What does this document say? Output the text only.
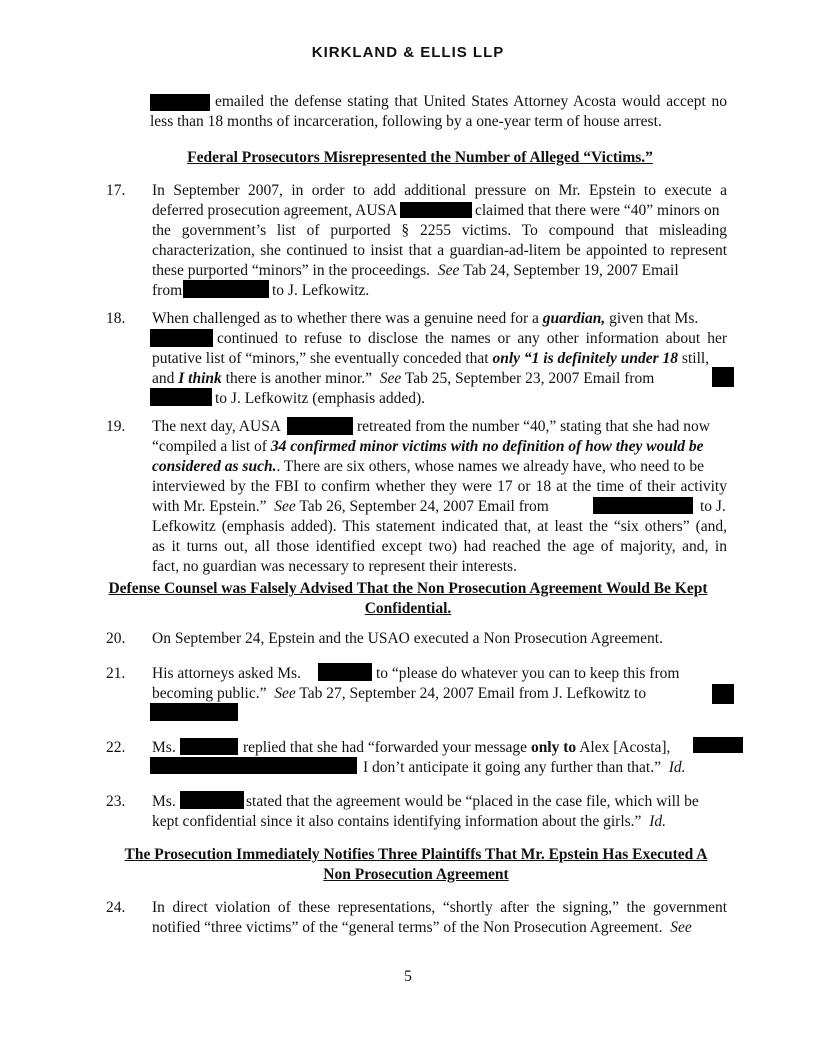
KIRKLAND & ELLIS LLP
emailed the defense stating that United States Attorney Acosta would accept no
less than 18 months of incarceration, following by a one-year term of house arrest.
Federal Prosecutors Misrepresented the Number of Alleged “Victims.”
17. In September 2007, in order to add additional pressure on Mr. Epstein to execute a
deferred prosecution agreement, AUSA	claimed that there were “40” minors on
the government’s list of purported § 2255 victims. To compound that misleading
characterization, she continued to insist that a guardian-ad-litem be appointed to represent
these purported “minors” in the proceedings. See Tab 24, September 19, 2007 Email
from	to J. Lefkowitz.
18. When challenged as to whether there was a genuine need for a guardian, given that Ms.
continued to refuse to disclose the names or any other information about her
putative list of “minors,” she eventually conceded that only “1 is definitely under 18 still,
and I think there is another minor.” See Tab 25, September 23, 2007 Email from
to J. Lefkowitz (emphasis added).
19. The next day, AUSA	retreated from the number “40,” stating that she had now
“compiled a list of 34 confirmed minor victims with no definition of how they would be
considered as such.. There are six others, whose names we already have, who need to be
interviewed by the FBI to confirm whether they were 17 or 18 at the time of their activity
with Mr. Epstein.” See Tab 26, September 24, 2007 Email from	to J.
Lefkowitz (emphasis added). This statement indicated that, at least the “six others” (and,
as it turns out, all those identified except two) had reached the age of majority, and, in
fact, no guardian was necessary to represent their interests.
Defense Counsel was Falsely Advised That the Non Prosecution Agreement Would Be Kept
Confidential.
20. On September 24, Epstein and the USAO executed a Non Prosecution Agreement.
21. His attorneys asked Ms.	to “please do whatever you can to keep this from
becoming public.” See Tab 27, September 24, 2007 Email from J. Lefkowitz to
22. Ms.	replied that she had “forwarded your message only to Alex [Acosta],
I don’t anticipate it going any further than that.” Id.
23. Ms.	stated that the agreement would be “placed in the case file, which will be
kept confidential since it also contains identifying information about the girls.” Id.
The Prosecution Immediately Notifies Three Plaintiffs That Mr. Epstein Has Executed A
Non Prosecution Agreement
24. In direct violation of these representations, “shortly after the signing,” the government
notified “three victims” of the “general terms” of the Non Prosecution Agreement. See
5
